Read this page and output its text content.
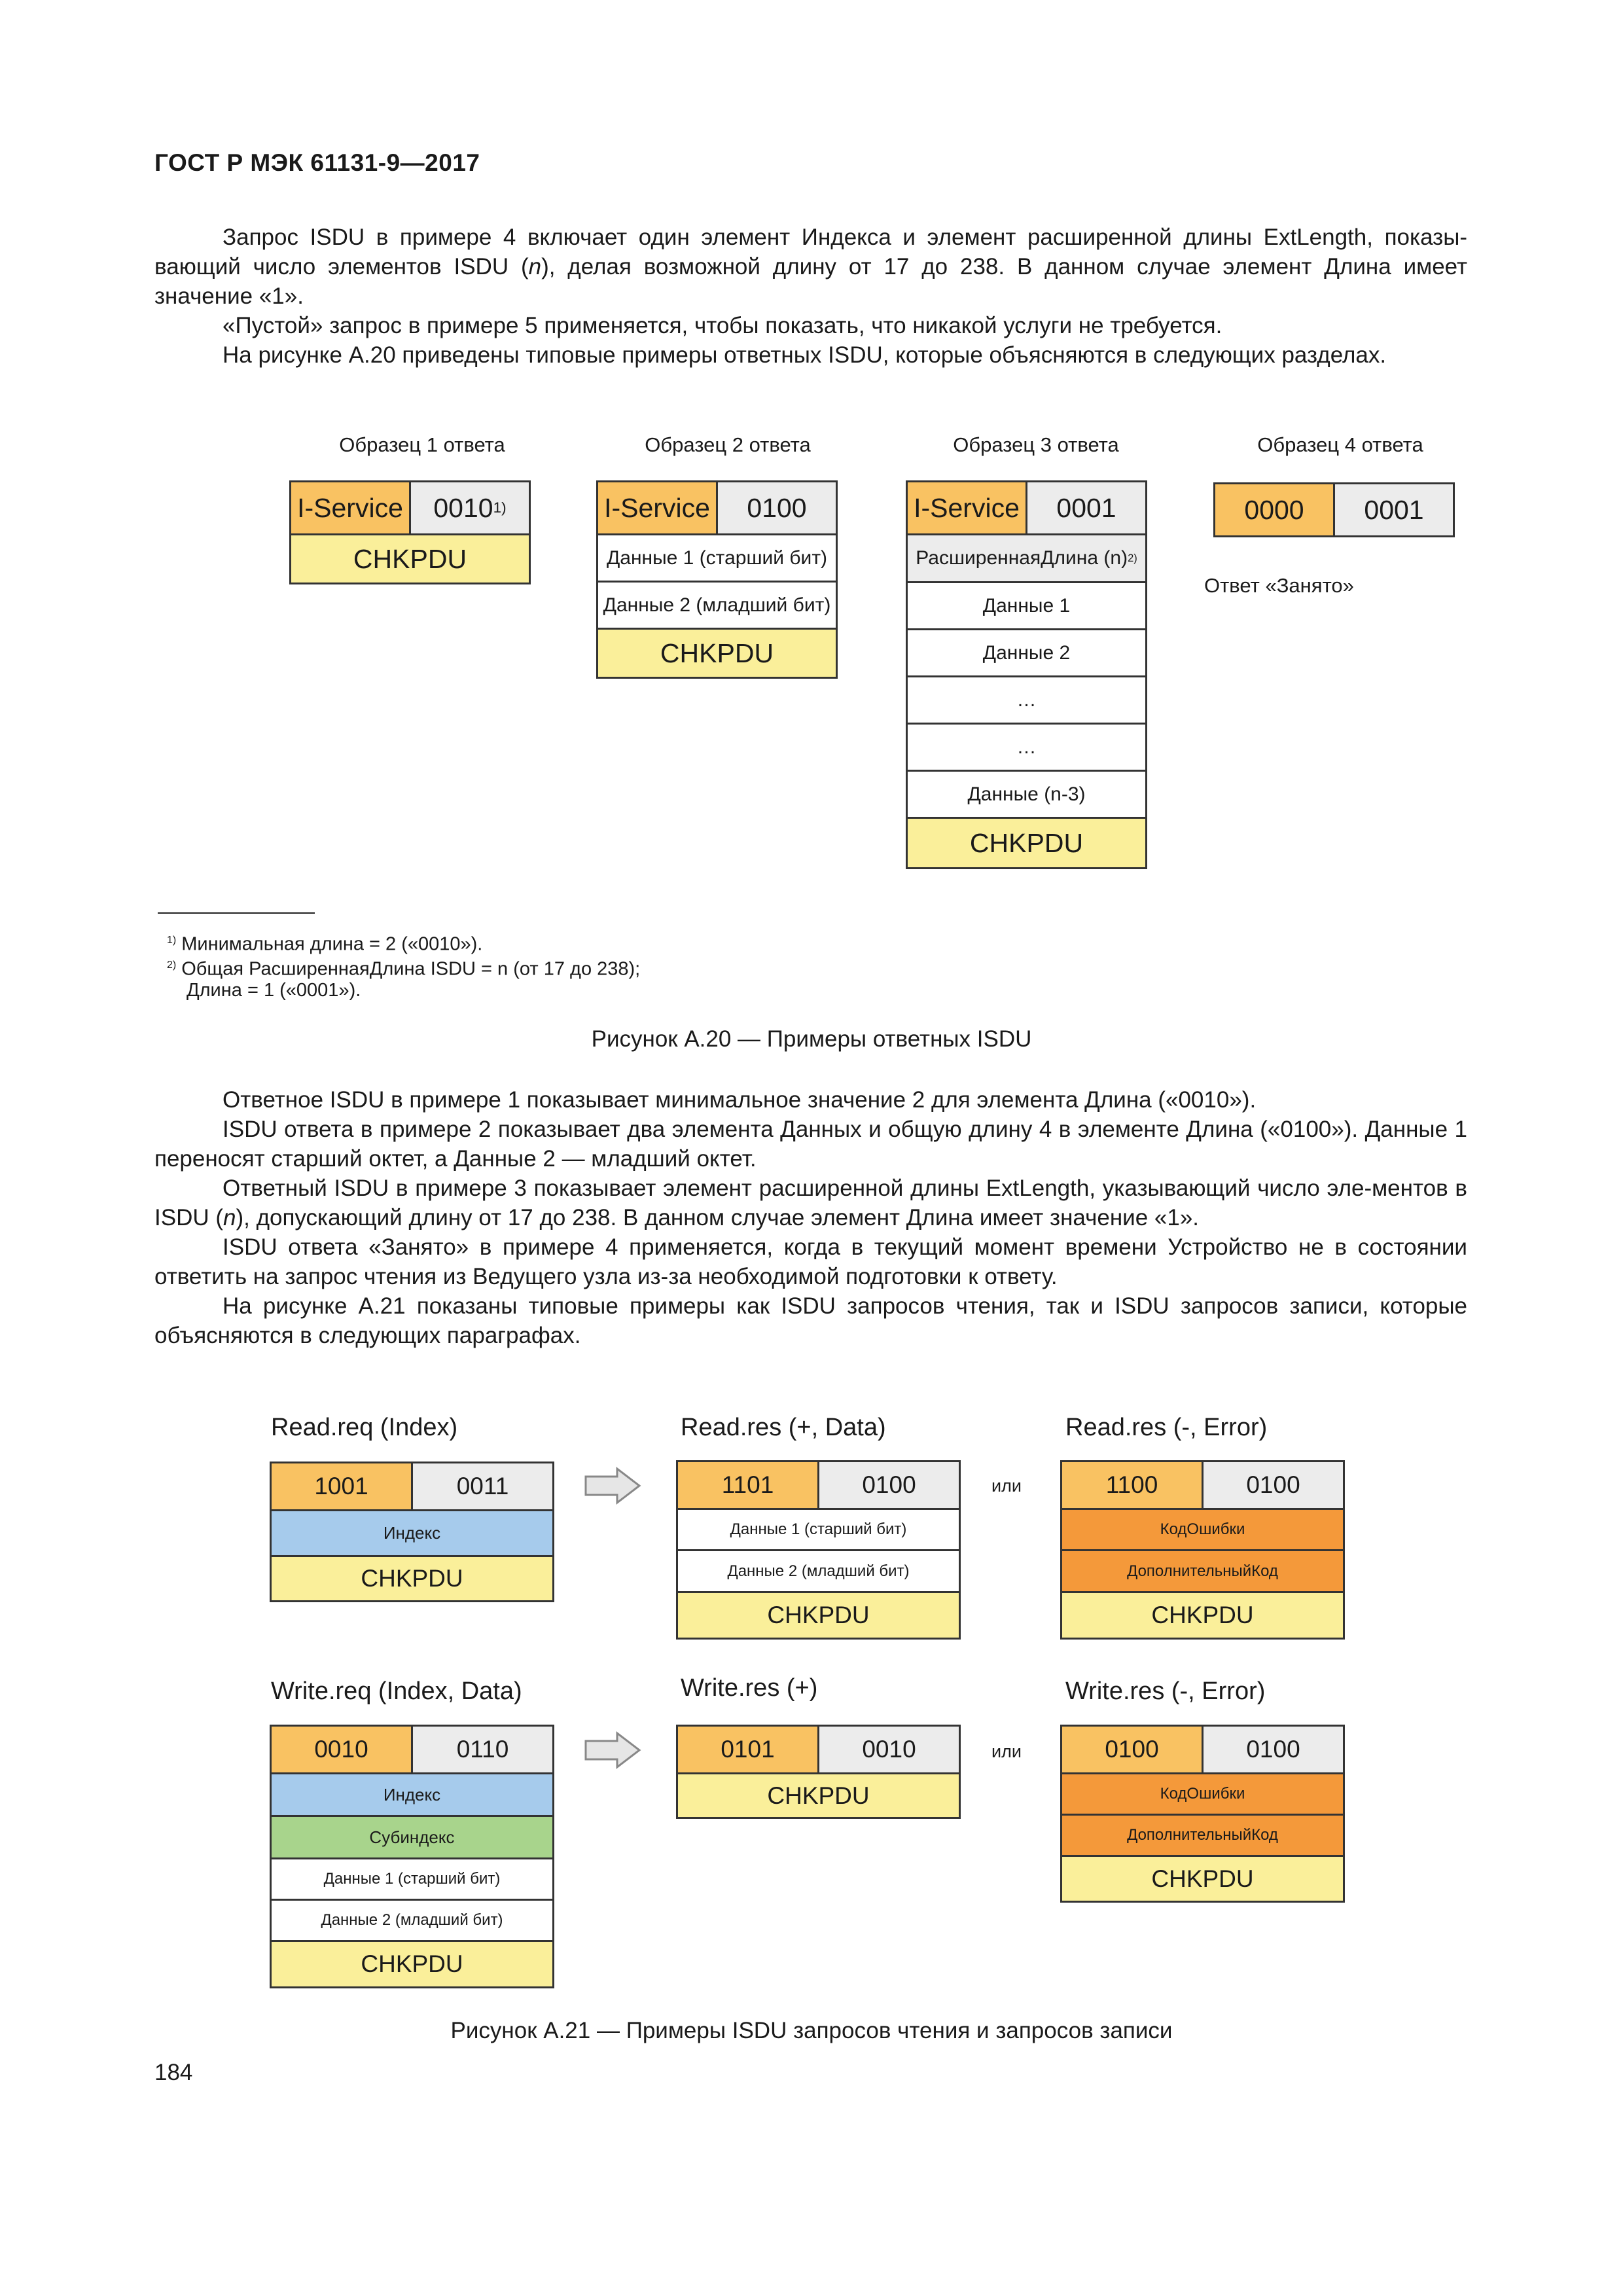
ГОСТ Р МЭК 61131-9—2017

Запрос ISDU в примере 4 включает один элемент Индекса и элемент расширенной длины ExtLength, показы-вающий число элементов ISDU (n), делая возможной длину от 17 до 238. В данном случае элемент Длина имеет значение «1».

«Пустой» запрос в примере 5 применяется, чтобы показать, что никакой услуги не требуется.

На рисунке А.20 приведены типовые примеры ответных ISDU, которые объясняются в следующих разделах.

Образец 1 ответа
I-Service 0010 1)
CHKPDU
Образец 2 ответа
I-Service	0100
Данные 1 (старший бит)
Данные 2 (младший бит)
CHKPDU
Образец 3 ответа
I-Service	0001
РасширеннаяДлина (n) 2)
Данные 1
Данные 2
…
…
Данные (n-3)
CHKPDU
Образец 4 ответа
0000	0001
Ответ «Занято»
$^{1)}$ Минимальная длина = 2 («0010»).
$^{2)}$ Общая РасширеннаяДлина ISDU = n (от 17 до 238);
Длина = 1 («0001»).
Рисунок А.20 — Примеры ответных ISDU

Ответное ISDU в примере 1 показывает минимальное значение 2 для элемента Длина («0010»).

ISDU ответа в примере 2 показывает два элемента Данных и общую длину 4 в элементе Длина («0100»). Данные 1 переносят старший октет, а Данные 2 — младший октет.

Ответный ISDU в примере 3 показывает элемент расширенной длины ExtLength, указывающий число эле-ментов в ISDU (n), допускающий длину от 17 до 238. В данном случае элемент Длина имеет значение «1».

ISDU ответа «Занято» в примере 4 применяется, когда в текущий момент времени Устройство не в состоянии ответить на запрос чтения из Ведущего узла из-за необходимой подготовки к ответу.

На рисунке А.21 показаны типовые примеры как ISDU запросов чтения, так и ISDU запросов записи, которые объясняются в следующих параграфах.

Read.req (Index)
1001	0011
Индекс
CHKPDU
Read.res (+, Data)
1101	0100
Данные 1 (старший бит)
Данные 2 (младший бит)
CHKPDU
или
Read.res (-, Error)
1100	0100
КодОшибки
ДополнительныйКод
CHKPDU
Write.req (Index, Data)
0010	0110
Индекс
Субиндекс
Данные 1 (старший бит)
Данные 2 (младший бит)
CHKPDU
Write.res (+)
0101	0010
CHKPDU
или
Write.res (-, Error)
0100	0100
КодОшибки
ДополнительныйКод
CHKPDU
Рисунок А.21 — Примеры ISDU запросов чтения и запросов записи
184
